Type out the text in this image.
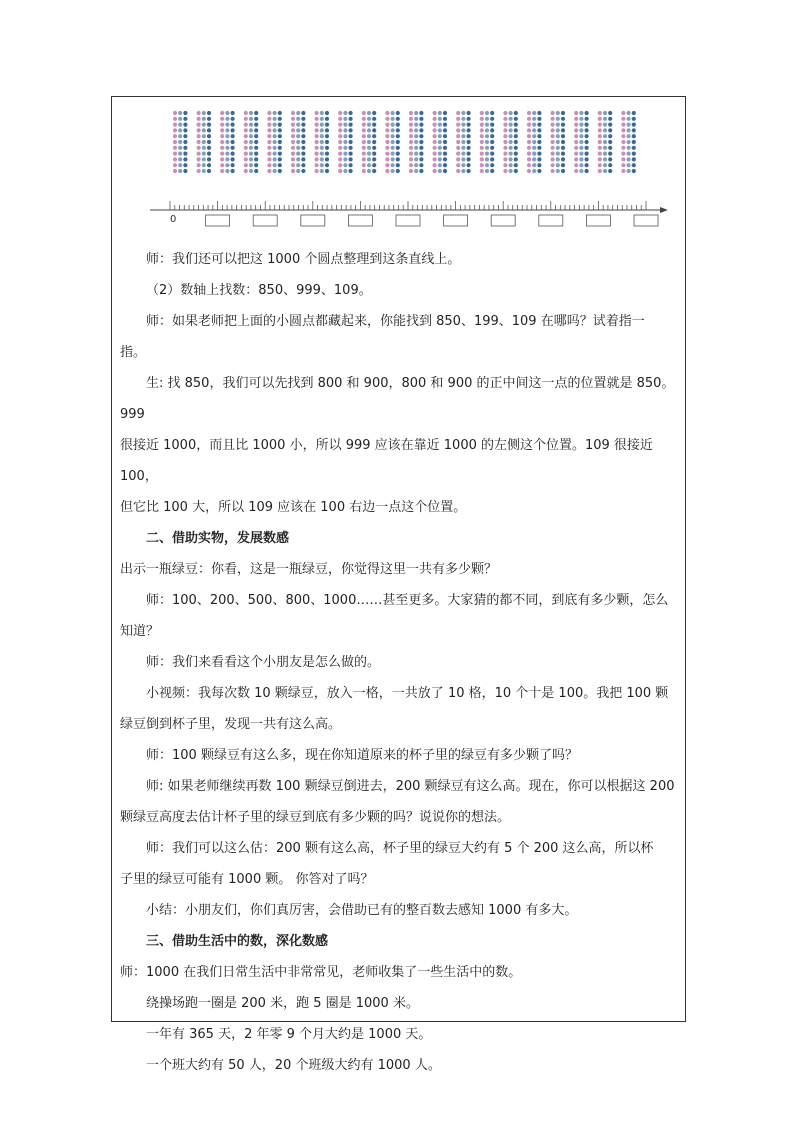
0

师：我们还可以把这 1000 个圆点整理到这条直线上。

（2）数轴上找数：850、999、109。

师：如果老师把上面的小圆点都藏起来，你能找到 850、199、109 在哪吗？试着指一

指。

生: 找 850，我们可以先找到 800 和 900，800 和 900 的正中间这一点的位置就是 850。999

很接近 1000，而且比 1000 小，所以 999 应该在靠近 1000 的左侧这个位置。109 很接近 100，

但它比 100 大，所以 109 应该在 100 右边一点这个位置。

二、借助实物，发展数感

出示一瓶绿豆：你看，这是一瓶绿豆，你觉得这里一共有多少颗？

师：100、200、500、800、1000……甚至更多。大家猜的都不同，到底有多少颗，怎么

知道？

师：我们来看看这个小朋友是怎么做的。

小视频：我每次数 10 颗绿豆，放入一格，一共放了 10 格，10 个十是 100。我把 100 颗

绿豆倒到杯子里，发现一共有这么高。

师：100 颗绿豆有这么多，现在你知道原来的杯子里的绿豆有多少颗了吗？

师: 如果老师继续再数 100 颗绿豆倒进去，200 颗绿豆有这么高。现在，你可以根据这 200

颗绿豆高度去估计杯子里的绿豆到底有多少颗的吗？说说你的想法。

师：我们可以这么估：200 颗有这么高，杯子里的绿豆大约有 5 个 200 这么高，所以杯

子里的绿豆可能有 1000 颗。 你答对了吗？

小结：小朋友们，你们真厉害，会借助已有的整百数去感知 1000 有多大。

三、借助生活中的数，深化数感

师：1000 在我们日常生活中非常常见，老师收集了一些生活中的数。

绕操场跑一圈是 200 米，跑 5 圈是 1000 米。

一年有 365 天，2 年零 9 个月大约是 1000 天。

一个班大约有 50 人，20 个班级大约有 1000 人。
